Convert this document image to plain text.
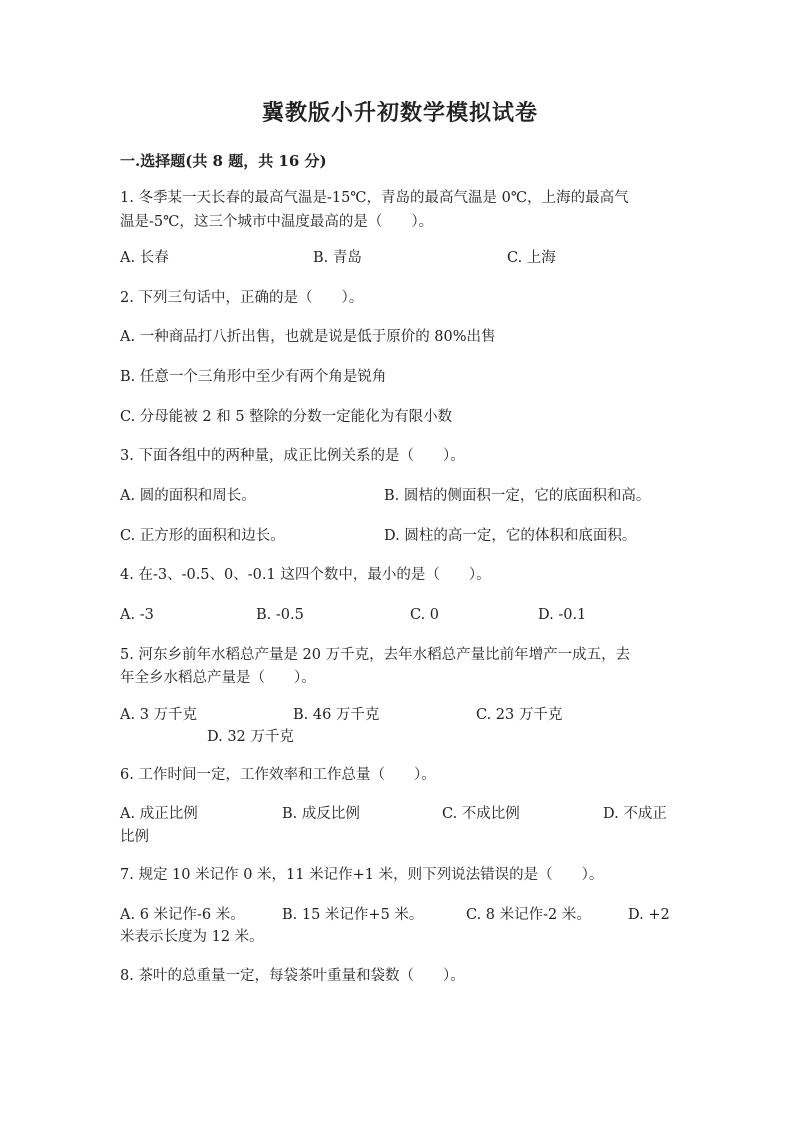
冀教版小升初数学模拟试卷
一.选择题(共 8 题，共 16 分)
1. 冬季某一天长春的最高气温是-15℃，青岛的最高气温是 0℃，上海的最高气
温是-5℃，这三个城市中温度最高的是（　　）。
A. 长春	B. 青岛	C. 上海
2. 下列三句话中，正确的是（　　）。
A. 一种商品打八折出售，也就是说是低于原价的 80%出售
B. 任意一个三角形中至少有两个角是锐角
C. 分母能被 2 和 5 整除的分数一定能化为有限小数
3. 下面各组中的两种量，成正比例关系的是（　　）。
A. 圆的面积和周长。	B. 圆桔的侧面积一定，它的底面积和高。
C. 正方形的面积和边长。	D. 圆柱的高一定，它的体积和底面积。
4. 在-3、-0.5、0、-0.1 这四个数中，最小的是（　　）。
A. -3	B. -0.5	C. 0	D. -0.1
5. 河东乡前年水稻总产量是 20 万千克，去年水稻总产量比前年增产一成五，去
年全乡水稻总产量是（　　）。
A. 3 万千克	B. 46 万千克	C. 23 万千克
D. 32 万千克
6. 工作时间一定，工作效率和工作总量（　　）。
A. 成正比例	B. 成反比例	C. 不成比例	D. 不成正
比例
7. 规定 10 米记作 0 米，11 米记作+1 米，则下列说法错误的是（　　）。
A. 6 米记作-6 米。	B. 15 米记作+5 米。	C. 8 米记作-2 米。	D. +2
米表示长度为 12 米。
8. 茶叶的总重量一定，每袋茶叶重量和袋数（　　）。
